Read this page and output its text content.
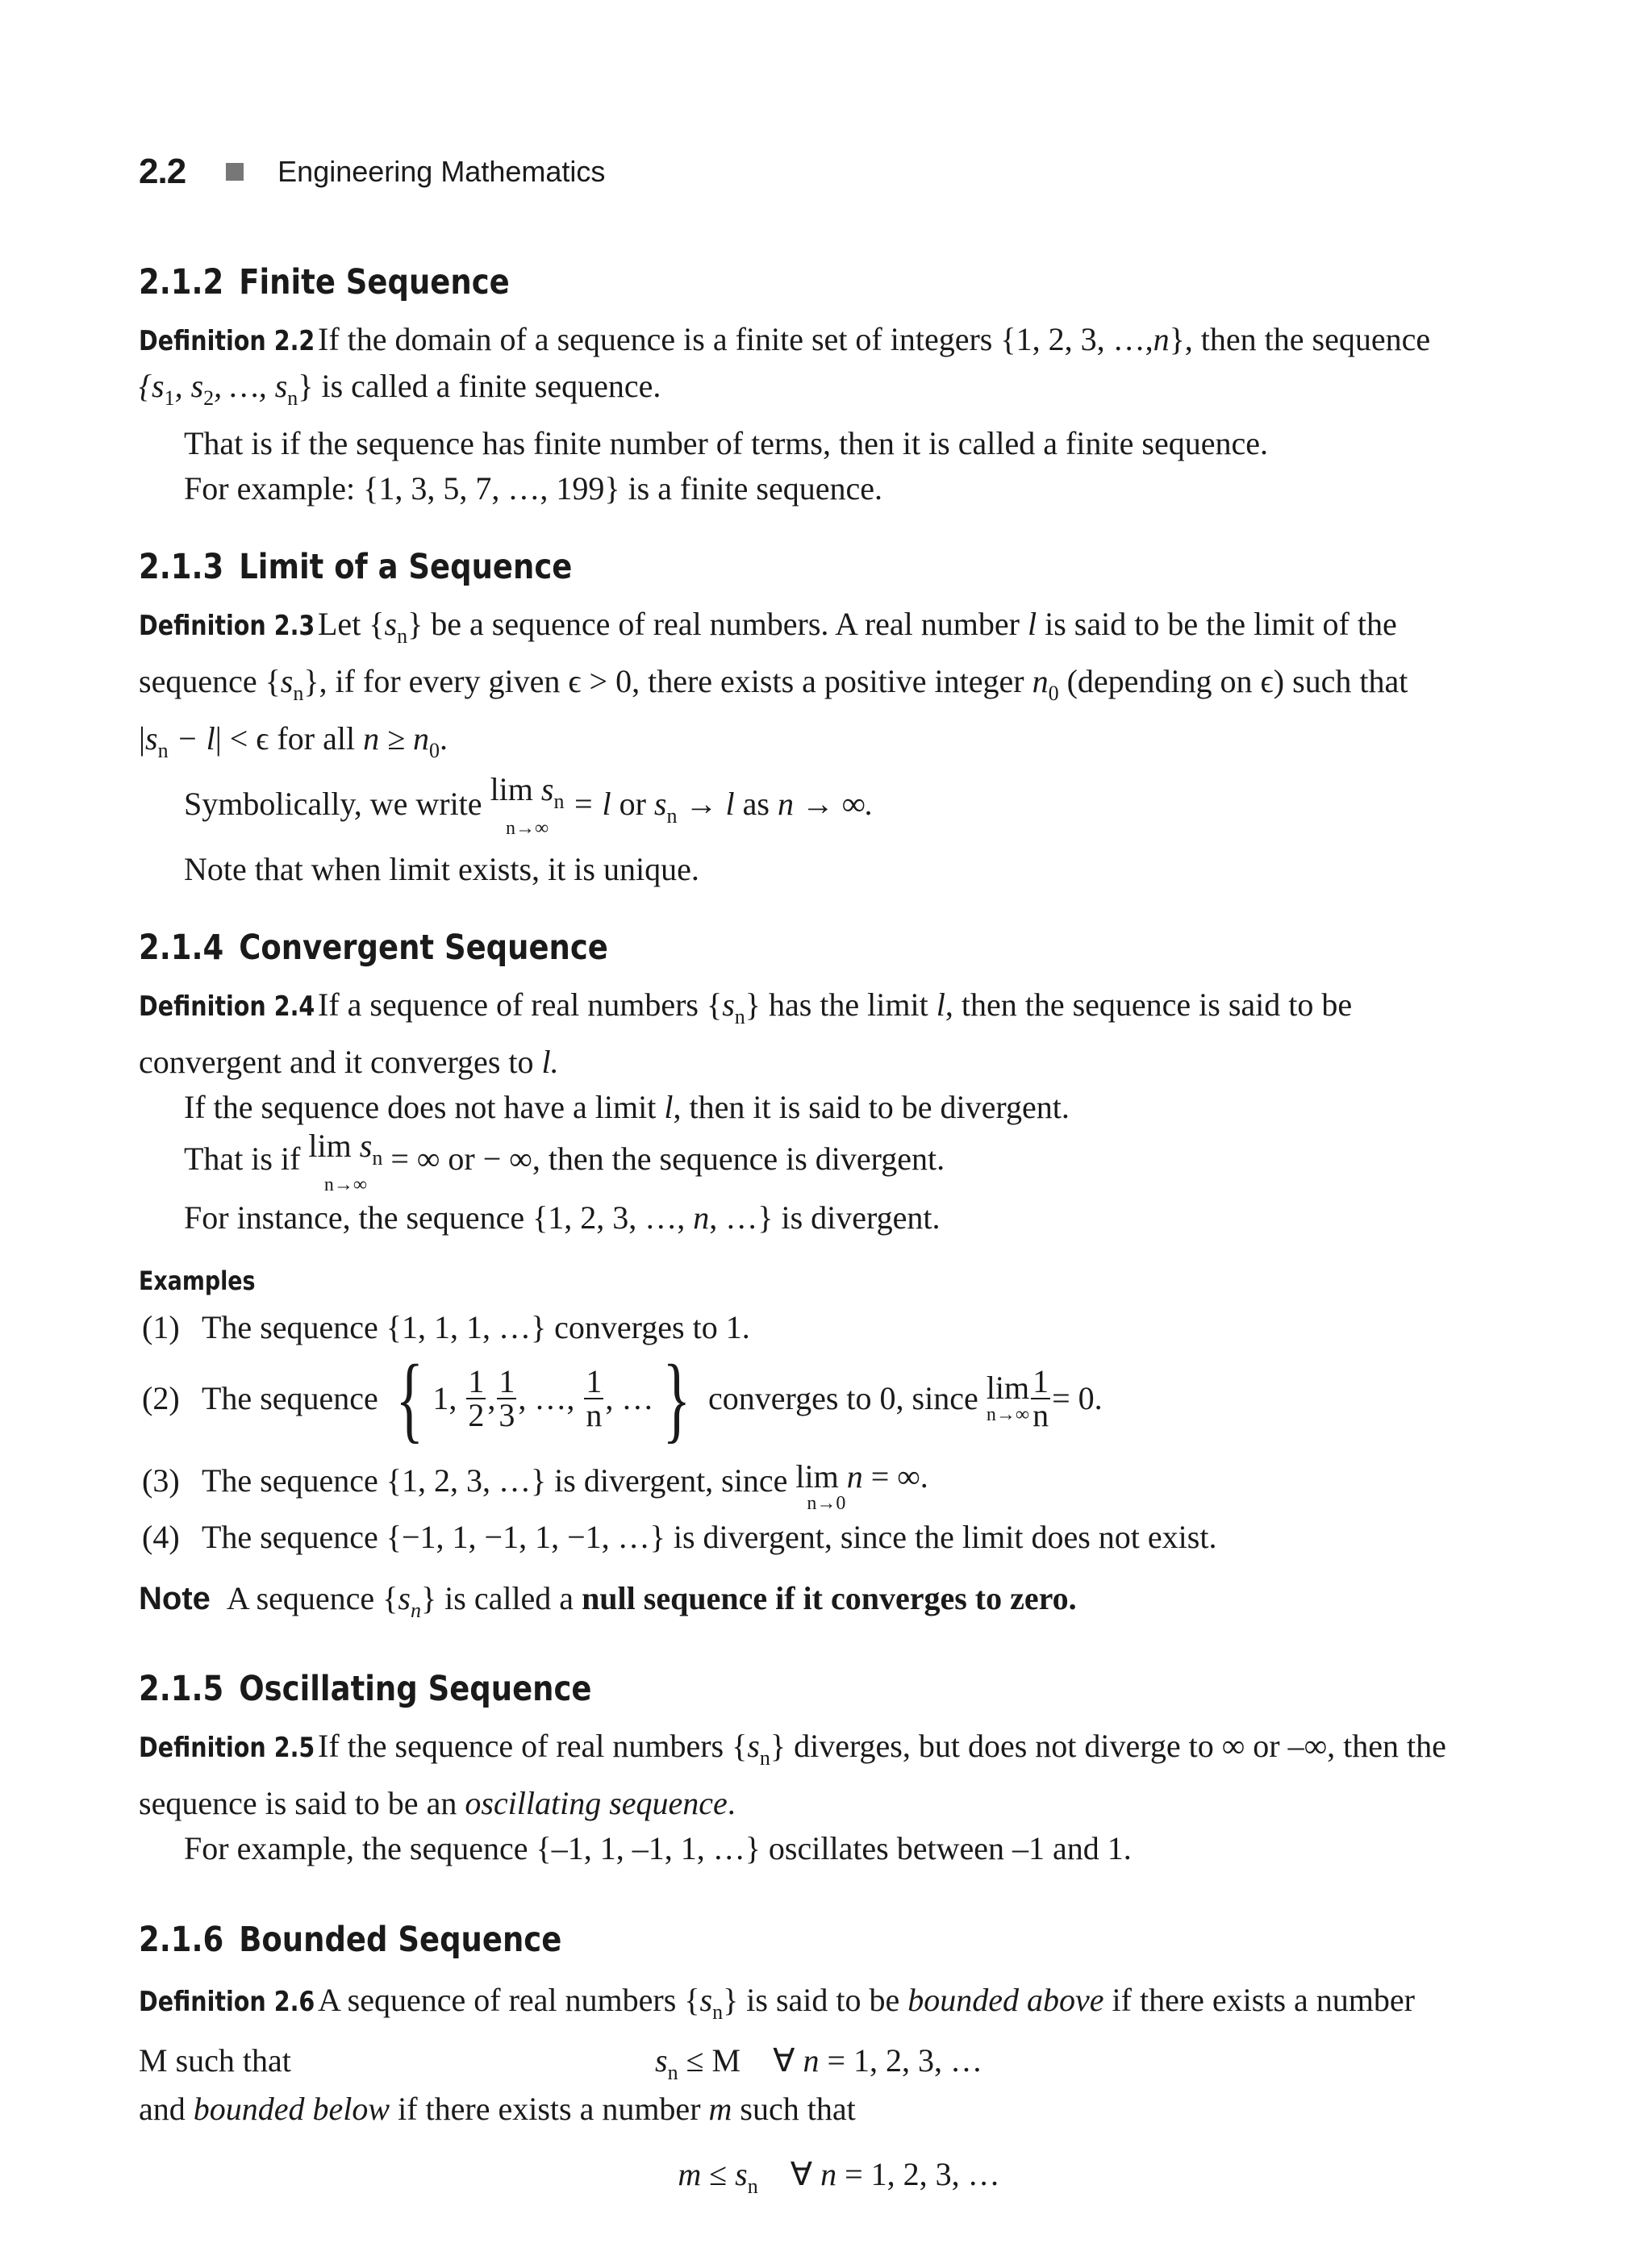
2.2	Engineering Mathematics
2.1.2 Finite Sequence

Definition 2.2If the domain of a sequence is a finite set of integers {1, 2, 3, …,n}, then the sequence
{$s_1$, $s_2$, …, $s_n$} is called a finite sequence.

That is if the sequence has finite number of terms, then it is called a finite sequence.

For example: {1, 3, 5, 7, …, 199} is a finite sequence.

2.1.3 Limit of a Sequence

Definition 2.3Let $\{s_n\}$ be a sequence of real numbers. A real number l is said to be the limit of the
sequence $\{s_n\}$, if for every given ϵ > 0, there exists a positive integer $n_0$ (depending on ϵ) such that
$|s_n - l| < \epsilon$ for all $n \ge n_0$.

Symbolically, we write $\lim s_n$
n→∞
= l or $s_n \to l$ as n → ∞.

Note that when limit exists, it is unique.

2.1.4 Convergent Sequence

Definition 2.4If a sequence of real numbers $\{s_n\}$ has the limit l, then the sequence is said to be
convergent and it converges to l.

If the sequence does not have a limit l, then it is said to be divergent.

That is if $\lim s_n$
n→∞
= ∞ or − ∞, then the sequence is divergent.

For instance, the sequence {1, 2, 3, …, n, …} is divergent.

Examples
(1) The sequence {1, 1, 1, …} converges to 1.
(2) The sequence
{ 1, $\frac{1}{2}$ , $\frac{1}{3}$ , …, $\frac{1}{n}$ , … }
converges to 0, since
lim
$n\to\infty \frac{1}{n} = 0$.
(3) The sequence {1, 2, 3, …} is divergent, since
lim n = ∞.
n→0
(4) The sequence {−1, 1, −1, 1, −1, …} is divergent, since the limit does not exist.

Note A sequence $\{s_n\}$ is called a null sequence if it converges to zero.

2.1.5 Oscillating Sequence

Definition 2.5If the sequence of real numbers $\{s_n\}$ diverges, but does not diverge to ∞ or –∞, then the
sequence is said to be an oscillating sequence.

For example, the sequence {–1, 1, –1, 1, …} oscillates between –1 and 1.

2.1.6 Bounded Sequence

Definition 2.6A sequence of real numbers $\{s_n\}$ is said to be bounded above if there exists a number

M such that	$s_n \le M$    ∀ n = 1, 2, 3, …

and bounded below if there exists a number m such that

$m \le s_n$    ∀ n = 1, 2, 3, …
